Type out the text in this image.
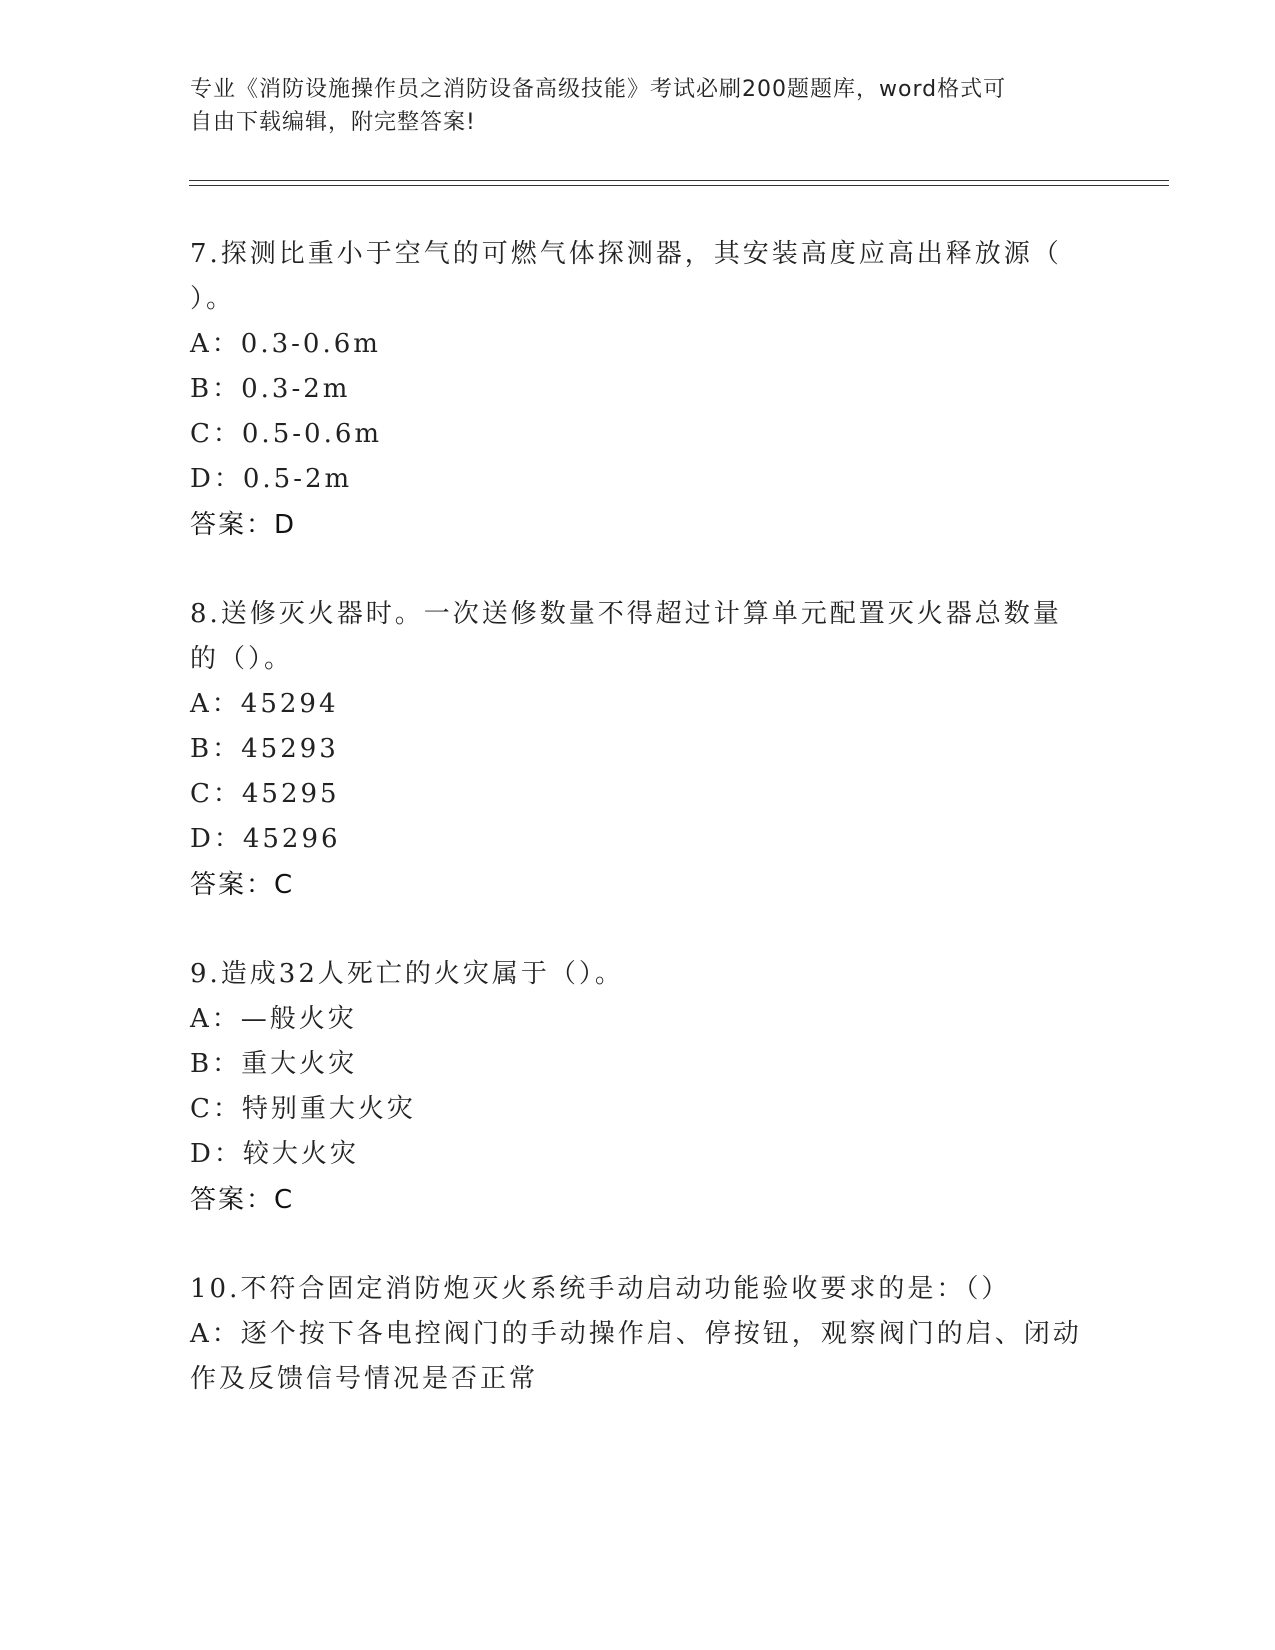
专业《消防设施操作员之消防设备高级技能》考试必刷200题题库，word格式可
自由下载编辑，附完整答案!
7.探测比重小于空气的可燃气体探测器，其安装高度应高出释放源（
）。
A：0.3-0.6m
B：0.3-2m
C：0.5-0.6m
D：0.5-2m
答案：D
8.送修灭火器时。一次送修数量不得超过计算单元配置灭火器总数量
的（）。
A：45294
B：45293
C：45295
D：45296
答案：C
9.造成32人死亡的火灾属于（）。
A：—般火灾
B：重大火灾
C：特别重大火灾
D：较大火灾
答案：C
10.不符合固定消防炮灭火系统手动启动功能验收要求的是：（）
A：逐个按下各电控阀门的手动操作启、停按钮，观察阀门的启、闭动
作及反馈信号情况是否正常
